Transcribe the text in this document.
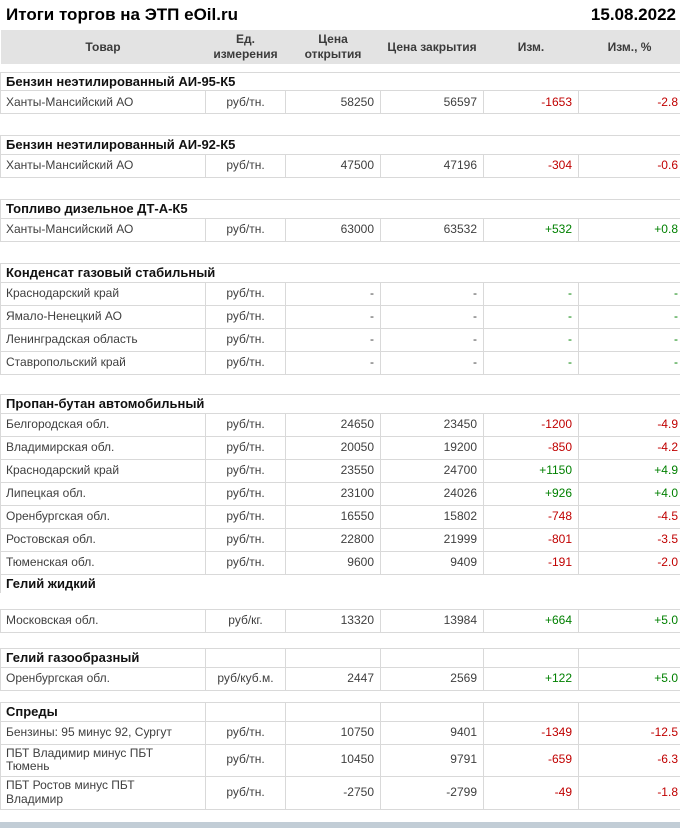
Итоги торгов на ЭТП eOil.ru	15.08.2022
Товар	Ед. измерения	Цена открытия	Цена закрытия	Изм.	Изм., %

Бензин неэтилированный АИ-95-К5					
Ханты-Мансийский АО	руб/тн.	58250	56597	-1653	-2.8

Бензин неэтилированный АИ-92-К5					
Ханты-Мансийский АО	руб/тн.	47500	47196	-304	-0.6

Топливо дизельное ДТ-А-К5					
Ханты-Мансийский АО	руб/тн.	63000	63532	+532	+0.8

Конденсат газовый стабильный					
Краснодарский край	руб/тн.	-	-	-	-
Ямало-Ненецкий АО	руб/тн.	-	-	-	-
Ленинградская область	руб/тн.	-	-	-	-
Ставропольский край	руб/тн.	-	-	-	-

Пропан-бутан автомобильный					
Белгородская обл.	руб/тн.	24650	23450	-1200	-4.9
Владимирская обл.	руб/тн.	20050	19200	-850	-4.2
Краснодарский край	руб/тн.	23550	24700	+1150	+4.9
Липецкая обл.	руб/тн.	23100	24026	+926	+4.0
Оренбургская обл.	руб/тн.	16550	15802	-748	-4.5
Ростовская обл.	руб/тн.	22800	21999	-801	-3.5
Тюменская обл.	руб/тн.	9600	9409	-191	-2.0
Гелий жидкий					

Московская обл.	руб/кг.	13320	13984	+664	+5.0

Гелий газообразный					
Оренбургская обл.	руб/куб.м.	2447	2569	+122	+5.0

Спреды					
Бензины: 95 минус 92, Сургут	руб/тн.	10750	9401	-1349	-12.5
ПБТ Владимир минус ПБТ Тюмень	руб/тн.	10450	9791	-659	-6.3
ПБТ Ростов минус ПБТ Владимир	руб/тн.	-2750	-2799	-49	-1.8
